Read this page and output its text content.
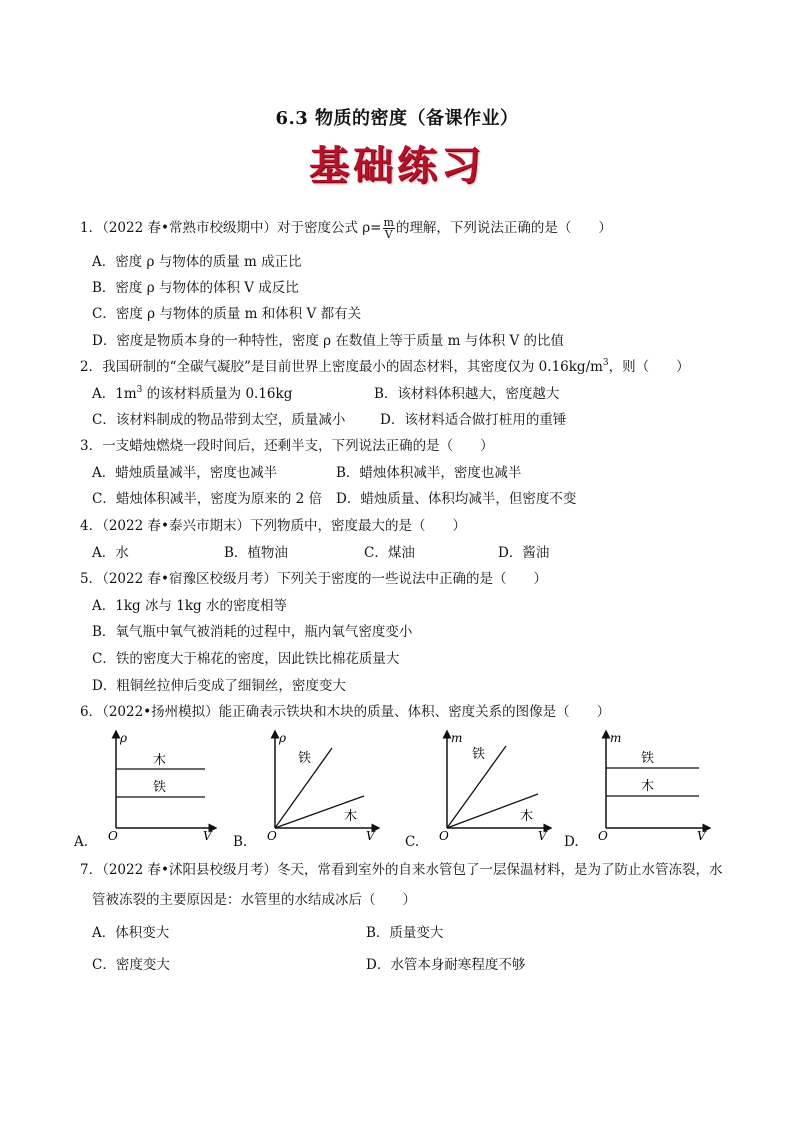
6.3 物质的密度（备课作业）
基础练习
1．（2022 春•常熟市校级期中）对于密度公式 $\rho= \frac{m}{V}$ 的理解，下列说法正确的是（　　）
A．密度 ρ 与物体的质量 m 成正比
B．密度 ρ 与物体的体积 V 成反比
C．密度 ρ 与物体的质量 m 和体积 V 都有关
D．密度是物质本身的一种特性，密度 ρ 在数值上等于质量 m 与体积 V 的比值
2．我国研制的“全碳气凝胶”是目前世界上密度最小的固态材料，其密度仅为 $0.16kg/m^3$，则（　　）
A．$1m^3$ 的该材料质量为 0.16kg	B．该材料体积越大，密度越大
C．该材料制成的物品带到太空，质量减小	D．该材料适合做打桩用的重锤
3．一支蜡烛燃烧一段时间后，还剩半支，下列说法正确的是（　　）
A．蜡烛质量减半，密度也减半	B．蜡烛体积减半，密度也减半
C．蜡烛体积减半，密度为原来的 2 倍 D．蜡烛质量、体积均减半，但密度不变
4．（2022 春•泰兴市期末）下列物质中，密度最大的是（　　）
A．水	B．植物油	C．煤油	D．酱油
5．（2022 春•宿豫区校级月考）下列关于密度的一些说法中正确的是（　　）
A．1kg 冰与 1kg 水的密度相等
B．氧气瓶中氧气被消耗的过程中，瓶内氧气密度变小
C．铁的密度大于棉花的密度，因此铁比棉花质量大
D．粗铜丝拉伸后变成了细铜丝，密度变大
6．（2022•扬州模拟）能正确表示铁块和木块的质量、体积、密度关系的图像是（　　）
ρ
V
O
木
铁
A.
ρ
V
O
铁
木
B.
m
V
O
铁
木
C.
m
V
O
铁
木
D.
7．（2022 春•沭阳县校级月考）冬天，常看到室外的自来水管包了一层保温材料，是为了防止水管冻裂，水
管被冻裂的主要原因是：水管里的水结成冰后（　　）
A．体积变大	B．质量变大
C．密度变大	D．水管本身耐寒程度不够
